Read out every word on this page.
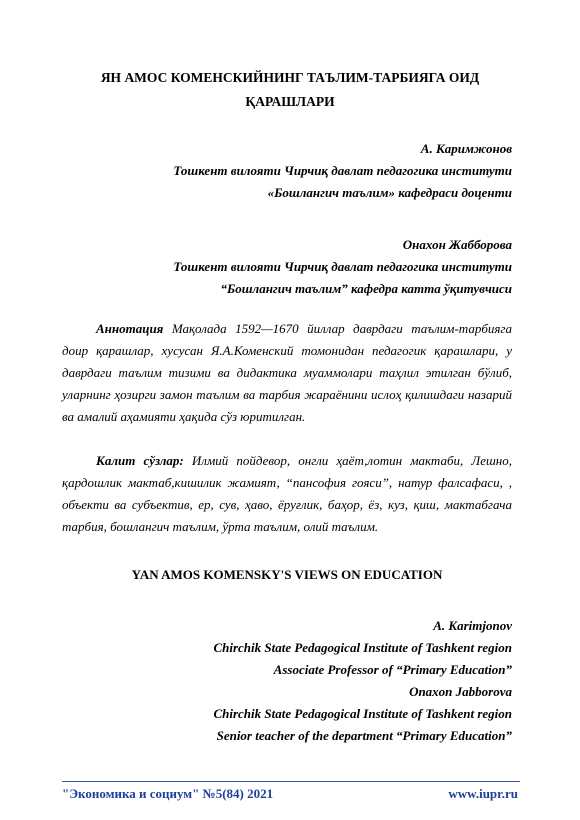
ЯН АМОС КОМЕНСКИЙНИНГ ТАЪЛИМ-ТАРБИЯГА ОИД ҚАРАШЛАРИ
А. Каримжонов
Тошкент вилояти Чирчиқ давлат педагогика институти
«Бошлангич таълим» кафедраси доценти
Онахон Жабборова
Тошкент вилояти Чирчиқ давлат педагогика институти
“Бошлангич таълим” кафедра катта ўқитувчиси
Аннотация Мақолада 1592—1670 йиллар даврдаги таълим-тарбияга доир қарашлар, хусусан Я.А.Коменский томонидан педагогик қарашлари, у даврдаги таълим тизими ва дидактика муаммолари таҳлил этилган бўлиб, уларнинг ҳозирги замон таълим ва тарбия жараёнини ислоҳ қилишдаги назарий ва амалий аҳамияти ҳақида сўз юритилган.
Калит сўзлар: Илмий пойдевор, онгли ҳаёт,лотин мактаби, Лешно, қардошлик мактаб,кишилик жамият, “пансофия гояси”, натур фалсафаси, , объекти ва субъектив, ер, сув, ҳаво, ёруғлик, баҳор, ёз, куз, қиш, мактабгача тарбия, бошлангич таълим, ўрта таълим, олий таълим.
YAN AMOS KOMENSKY'S VIEWS ON EDUCATION
A. Karimjonov
Chirchik State Pedagogical Institute of Tashkent region
Associate Professor of “Primary Education”
Onaxon Jabborova
Chirchik State Pedagogical Institute of Tashkent region
Senior teacher of the department “Primary Education”
"Экономика и социум" №5(84) 2021	www.iupr.ru
